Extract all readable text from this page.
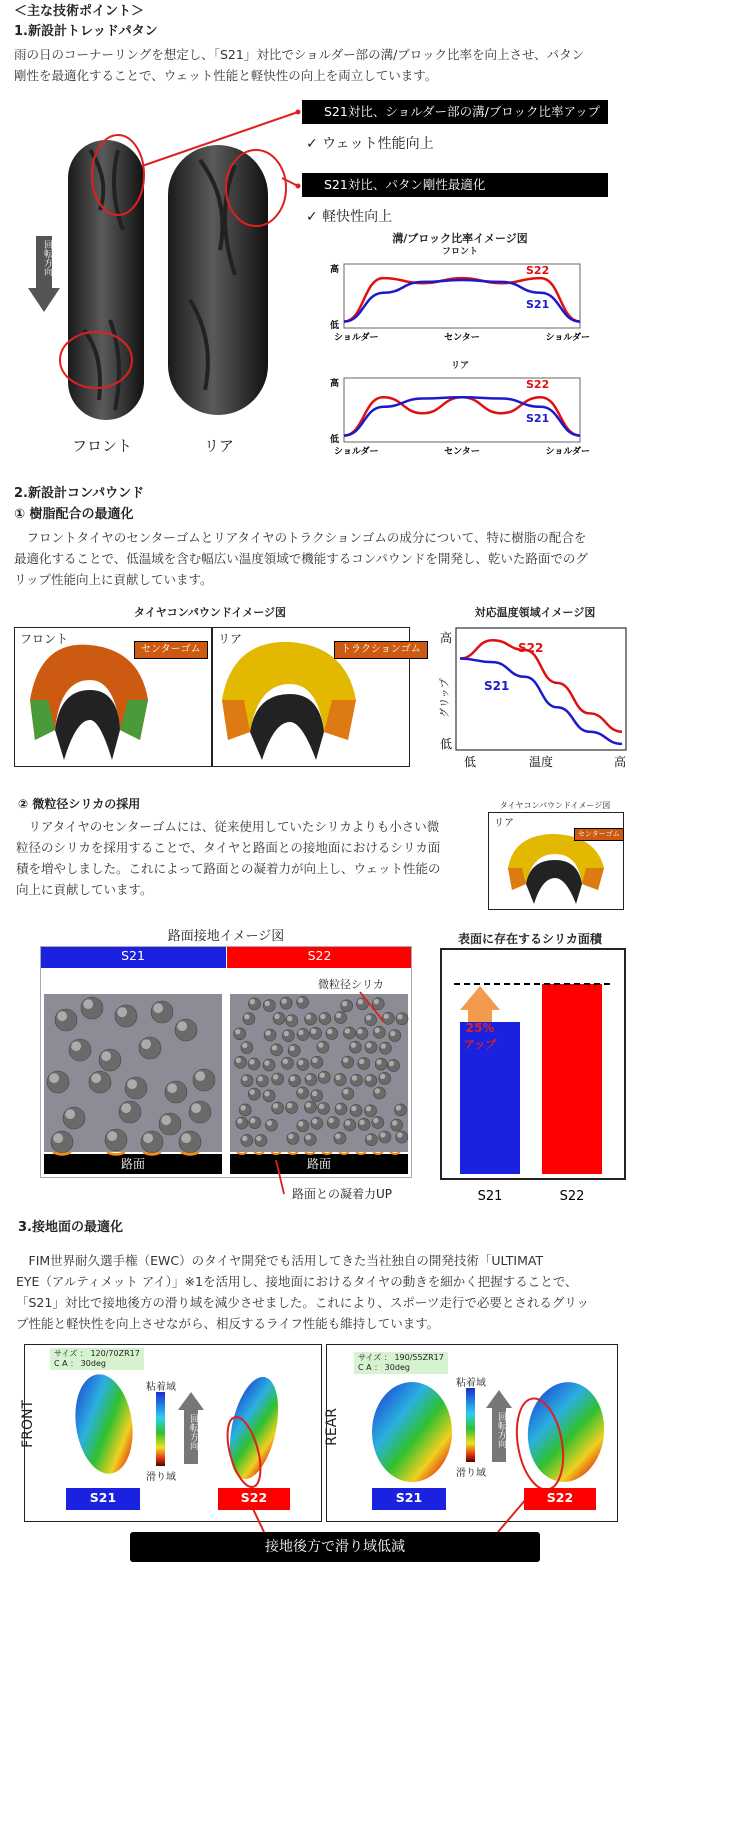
＜主な技術ポイント＞
1.新設計トレッドパタン
雨の日のコーナーリングを想定し、「S21」対比でショルダー部の溝/ブロック比率を向上させ、パタン
剛性を最適化することで、ウェット性能と軽快性の向上を両立しています。
回転方向
フロント	リア
S21対比、ショルダー部の溝/ブロック比率アップ
✓ ウェット性能向上
S21対比、パタン剛性最適化
✓ 軽快性向上
溝/ブロック比率イメージ図
フロント
高
低
ショルダー	センター	ショルダー
S22
S21
リア
高
低
ショルダー	センター	ショルダー
S22
S21
2.新設計コンパウンド
① 樹脂配合の最適化
　フロントタイヤのセンターゴムとリアタイヤのトラクションゴムの成分について、特に樹脂の配合を
最適化することで、低温域を含む幅広い温度領域で機能するコンパウンドを開発し、乾いた路面でのグ
リップ性能向上に貢献しています。
タイヤコンパウンドイメージ図	対応温度領域イメージ図
フロント	リア
センターゴム	トラクションゴム
高
低
グリップ
低	高
温度
S22
S21
② 微粒径シリカの採用
　リアタイヤのセンターゴムには、従来使用していたシリカよりも小さい微
粒径のシリカを採用することで、タイヤと路面との接地面におけるシリカ面
積を増やしました。これによって路面との凝着力が向上し、ウェット性能の
向上に貢献しています。
タイヤコンパウンドイメージ図
リア
センターゴム
路面接地イメージ図
S21	S22
微粒径シリカ
路面	路面
路面との凝着力UP
表面に存在するシリカ面積
S21	S22
25%
アップ
3.接地面の最適化
　FIM世界耐久選手権（EWC）のタイヤ開発でも活用してきた当社独自の開発技術「ULTIMAT
EYE（アルティメット アイ）」※1を活用し、接地面におけるタイヤの動きを細かく把握することで、
「S21」対比で接地後方の滑り域を減少させました。これにより、スポーツ走行で必要とされるグリッ
プ性能と軽快性を向上させながら、相反するライフ性能も維持しています。
サイズ ： 120/70ZR17
C A ： 30deg
サイズ ： 190/55ZR17
C A ： 30deg
FRONT	REAR
粘着域
滑り域
回転方向
粘着域
滑り域
回転方向
S21	S22	S21	S22
接地後方で滑り域低減
